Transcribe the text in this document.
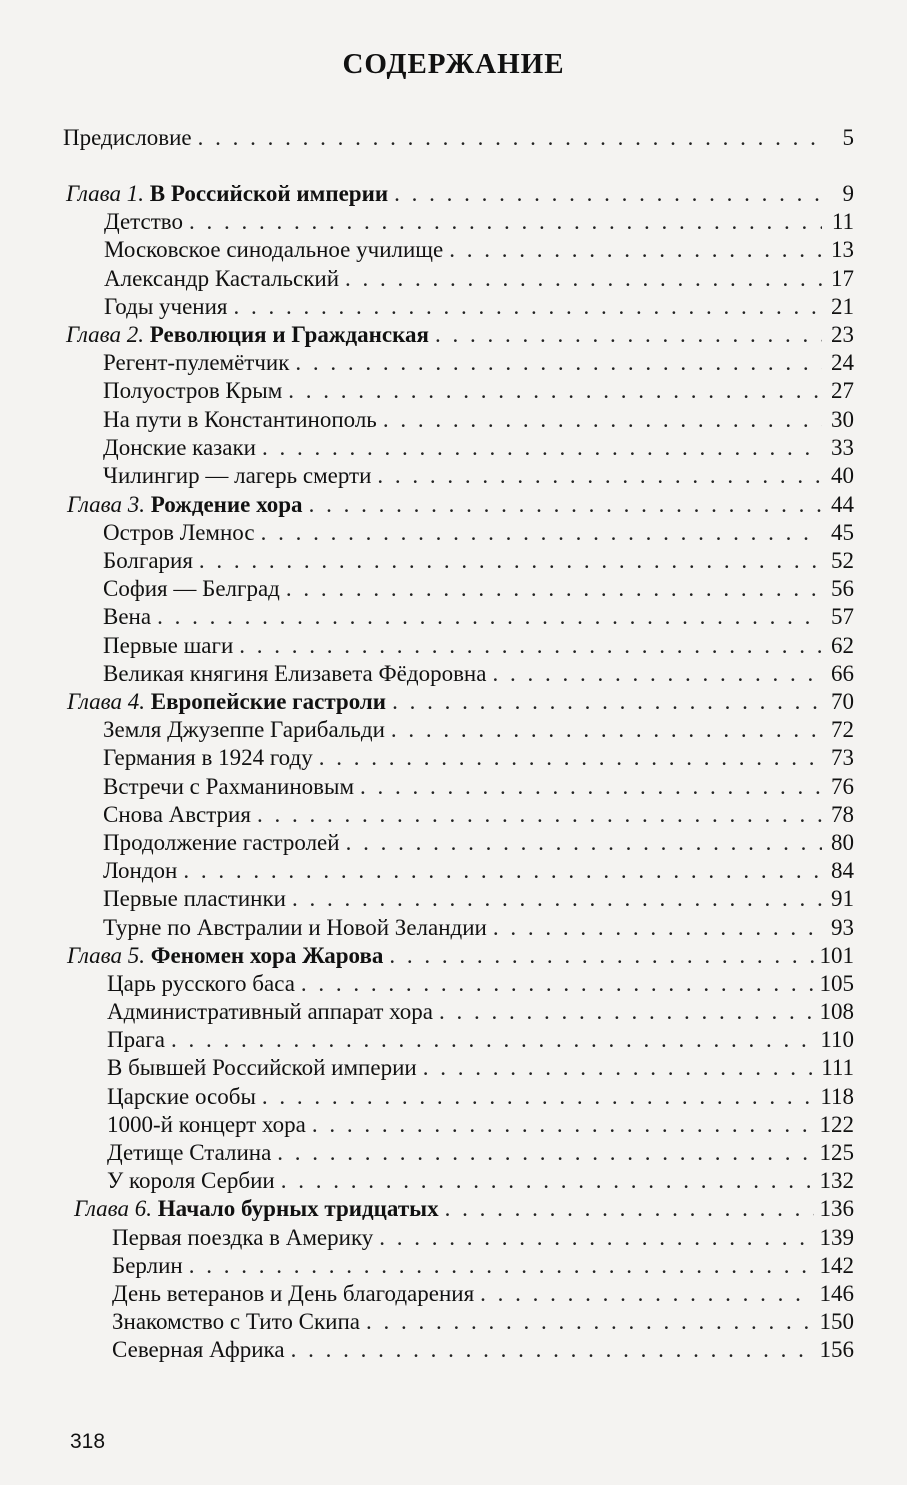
СОДЕРЖАНИЕ
Предисловие . . .	5
Глава 1. В Российской империи . . .	9
Детство . . .	11
Московское синодальное училище . . .	13
Александр Кастальский . . .	17
Годы учения . . .	21
Глава 2. Революция и Гражданская . . .	23
Регент-пулемётчик . . .	24
Полуостров Крым . . .	27
На пути в Константинополь . . .	30
Донские казаки . . .	33
Чилингир — лагерь смерти . . .	40
Глава 3. Рождение хора . . .	44
Остров Лемнос . . .	45
Болгария . . .	52
София — Белград . . .	56
Вена . . .	57
Первые шаги . . .	62
Великая княгиня Елизавета Фёдоровна . . .	66
Глава 4. Европейские гастроли . . .	70
Земля Джузеппе Гарибальди . . .	72
Германия в 1924 году . . .	73
Встречи с Рахманиновым . . .	76
Снова Австрия . . .	78
Продолжение гастролей . . .	80
Лондон . . .	84
Первые пластинки . . .	91
Турне по Австралии и Новой Зеландии . . .	93
Глава 5. Феномен хора Жарова . . .	101
Царь русского баса . . .	105
Административный аппарат хора . . .	108
Прага . . .	110
В бывшей Российской империи . . .	111
Царские особы . . .	118
1000-й концерт хора . . .	122
Детище Сталина . . .	125
У короля Сербии . . .	132
Глава 6. Начало бурных тридцатых . . .	136
Первая поездка в Америку . . .	139
Берлин . . .	142
День ветеранов и День благодарения . . .	146
Знакомство с Тито Скипа . . .	150
Северная Африка . . .	156
318
